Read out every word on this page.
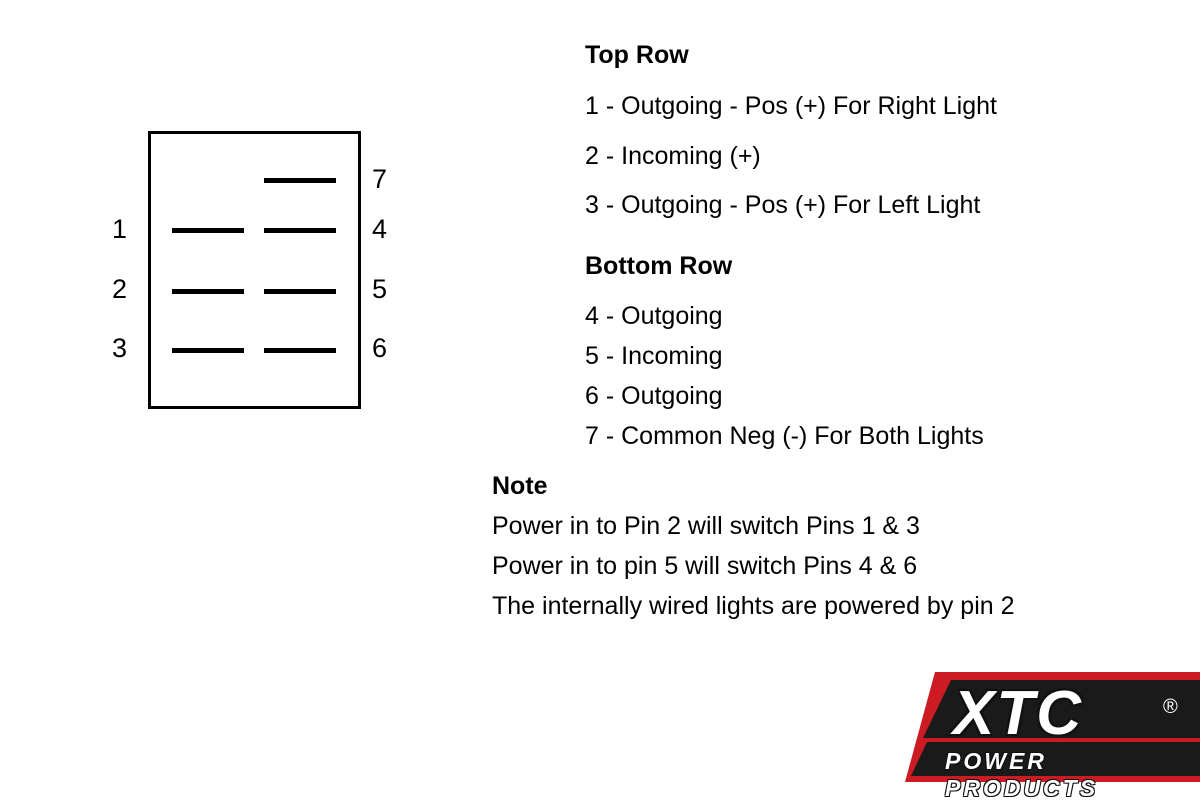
1
2
3
7
4
5
6
Top Row
1 - Outgoing - Pos (+) For Right Light
2 - Incoming (+)
3 - Outgoing - Pos (+) For Left Light
Bottom Row
4 - Outgoing
5 - Incoming
6 - Outgoing
7 - Common Neg (-) For Both Lights
Note
Power in to Pin 2 will switch Pins 1 & 3
Power in to pin 5 will switch Pins 4 & 6
The internally wired lights are powered by pin 2
XTC	®
POWER PRODUCTS
